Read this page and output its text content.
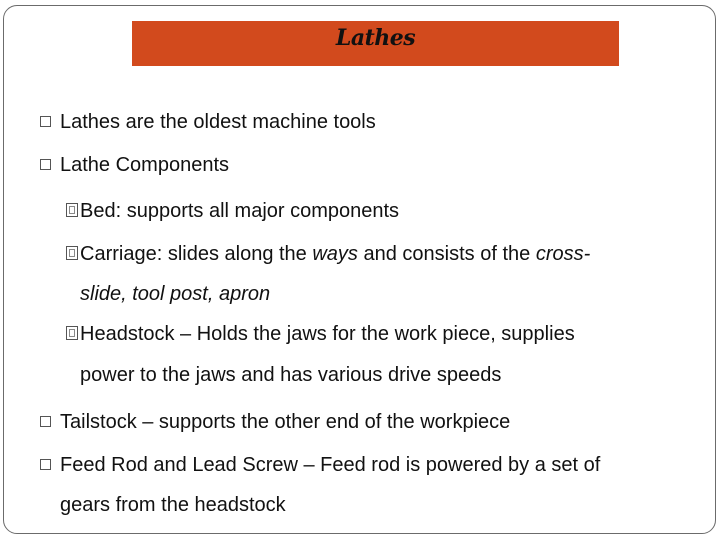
Lathes
Lathes are the oldest machine tools
Lathe Components
Bed: supports all major components
Carriage: slides along the ways and consists of the cross-
slide, tool post, apron
Headstock – Holds the jaws for the work piece, supplies
power to the jaws and has various drive speeds
Tailstock – supports the other end of the workpiece
Feed Rod and Lead Screw – Feed rod is powered by a set of
gears from the headstock
